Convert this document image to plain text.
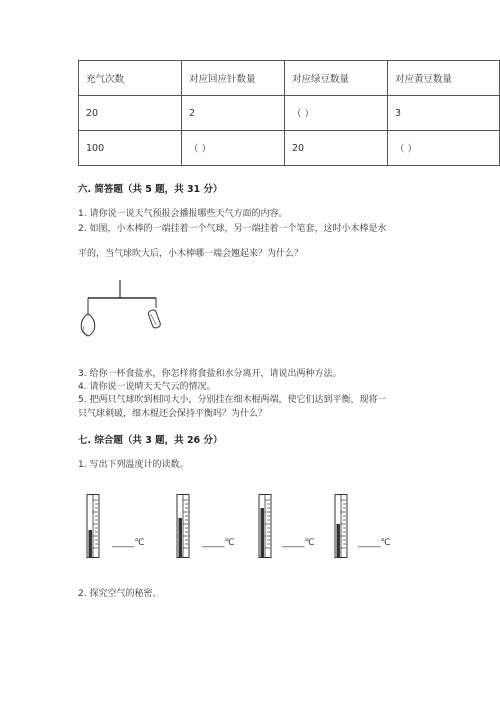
充气次数	对应回应针数量	对应绿豆数量	对应黄豆数量
20	2	（ ）	3
100	（ ）	20	（ ）
六. 简答题（共 5 题，共 31 分）
1. 请你说一说天气预报会播报哪些天气方面的内容。
2. 如图，小木棒的一端挂着一个气球，另一端挂着一个笔套，这时小木棒是水
平的，当气球吹大后，小木棒哪一端会翘起来？为什么？
3. 给你一杯食盐水，你怎样将食盐和水分离开，请说出两种方法。
4. 请你说一说晴天天气云的情况。
5. 把两只气球吹到相同大小，分别挂在细木棍两端，使它们达到平衡，现将一
只气球刺破，细木棍还会保持平衡吗？为什么？
七. 综合题（共 3 题，共 26 分）
1. 写出下列温度计的读数。
_____℃	_____℃	_____℃	_____℃
2. 探究空气的秘密。
